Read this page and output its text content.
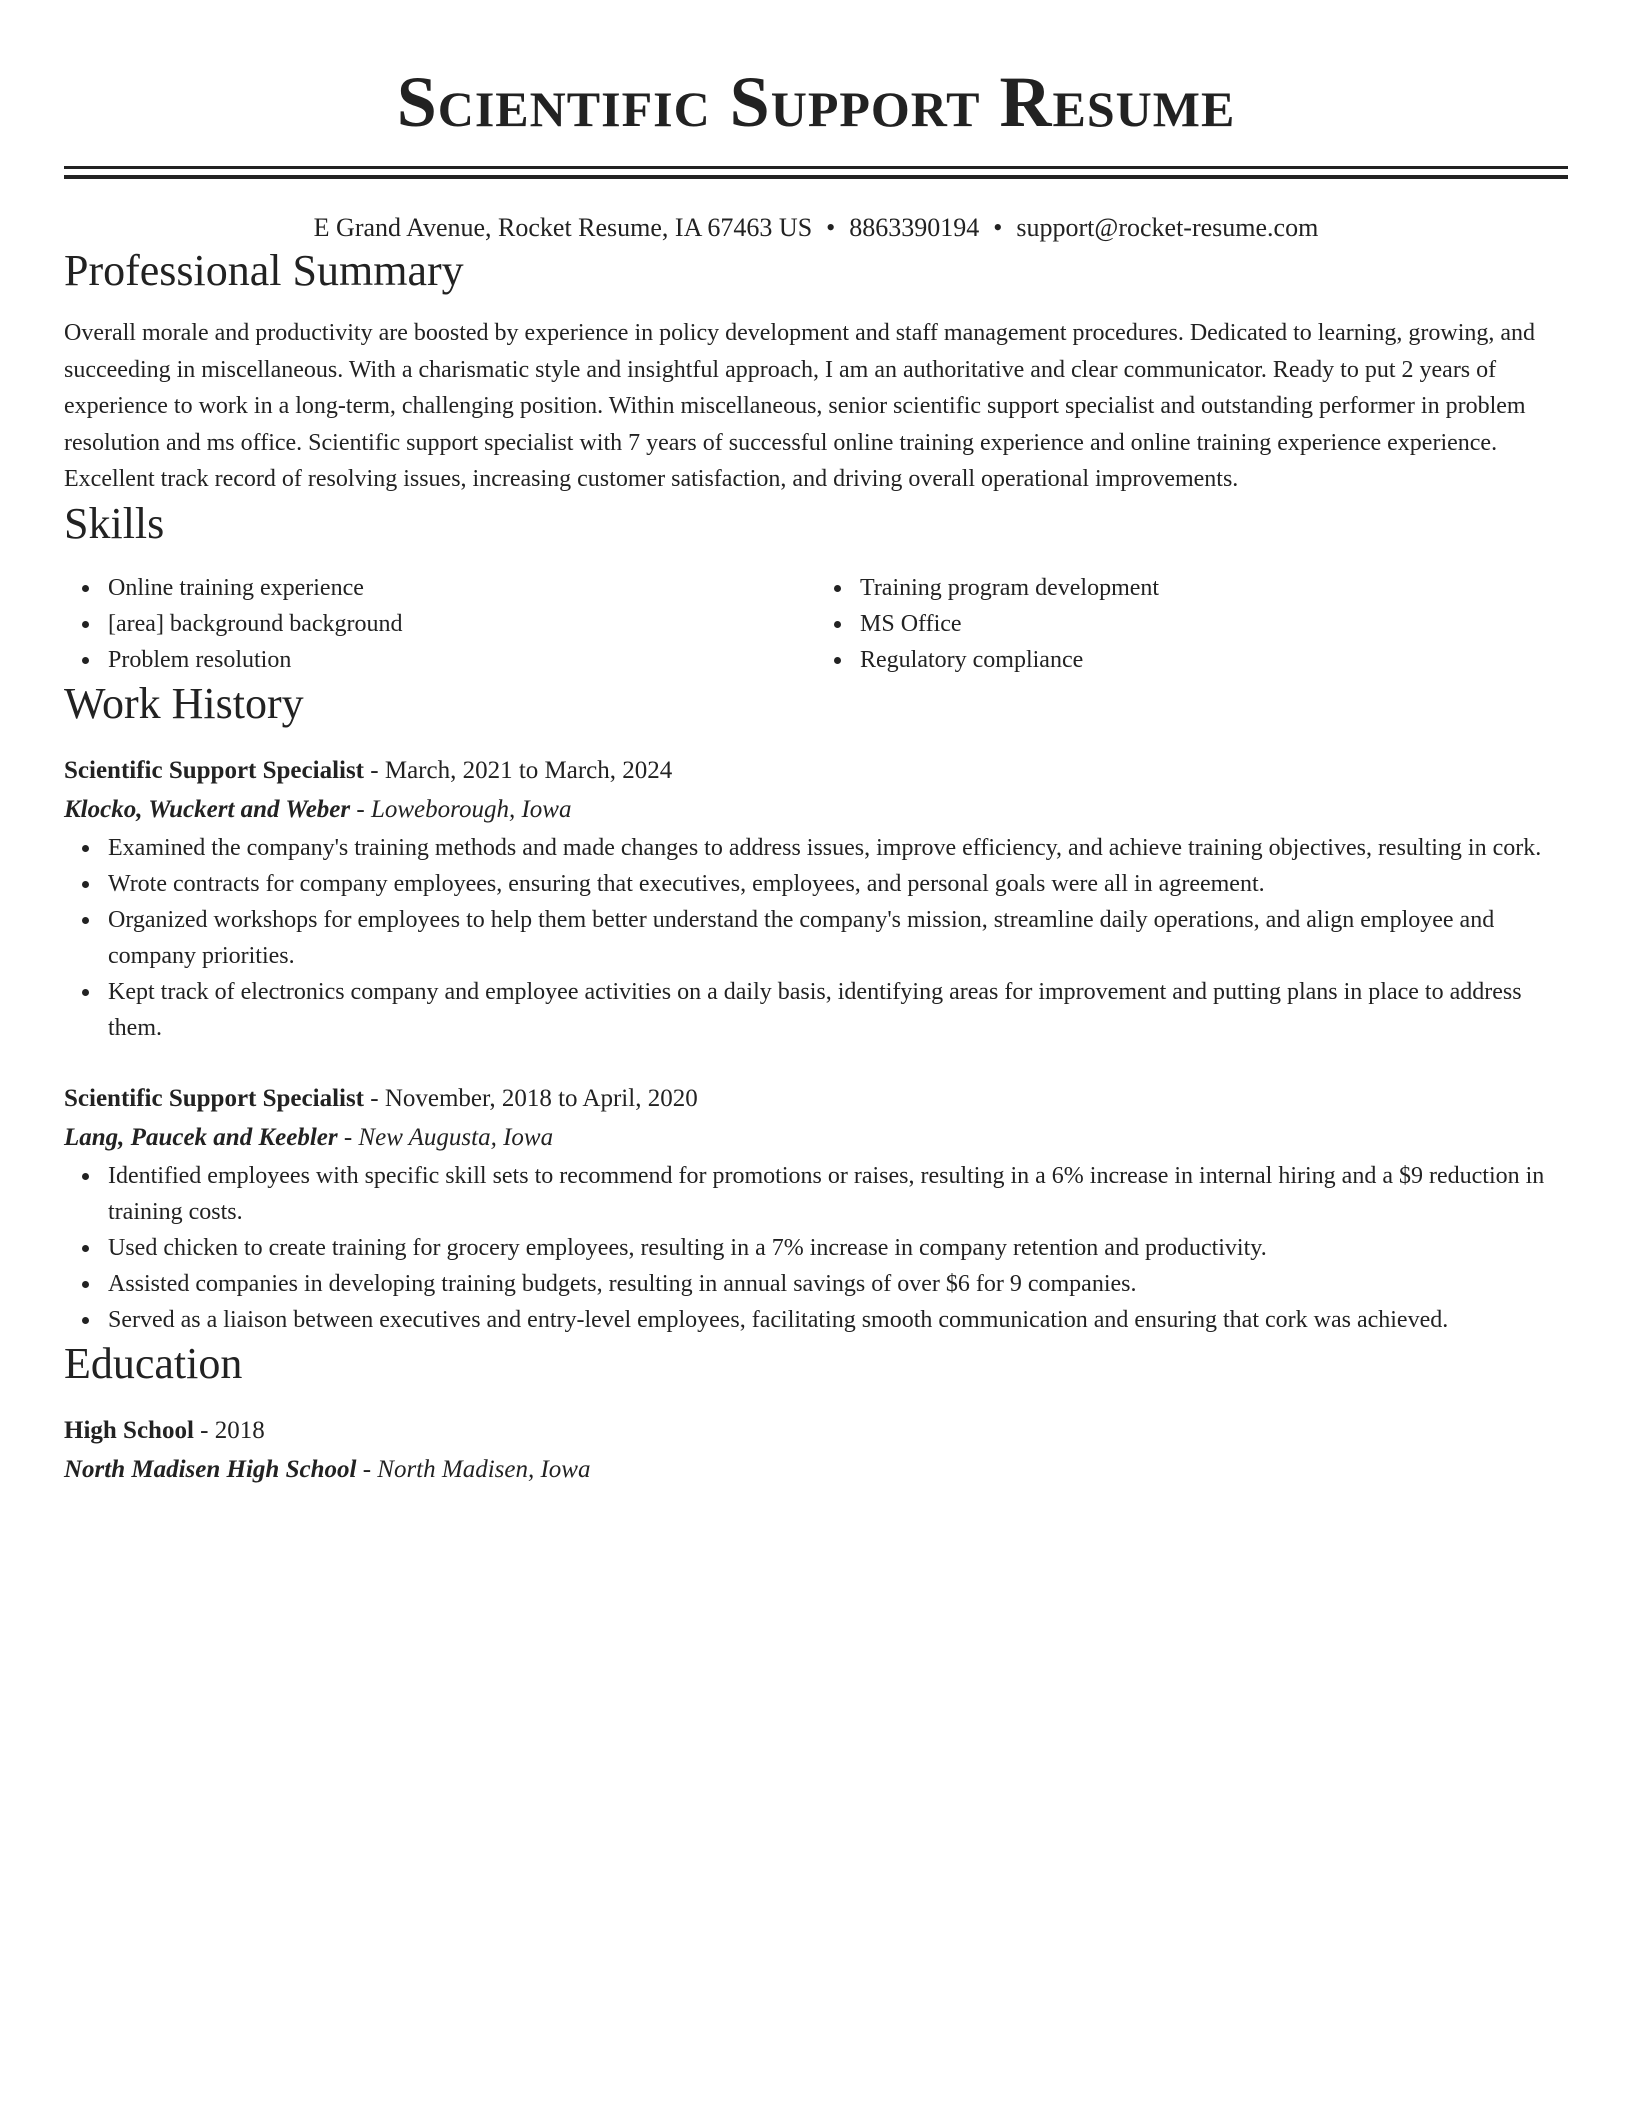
Scientific Support Resume
E Grand Avenue, Rocket Resume, IA 67463 US • 8863390194 • support@rocket-resume.com
Professional Summary

Overall morale and productivity are boosted by experience in policy development and staff management procedures. Dedicated to learning, growing, and succeeding in miscellaneous. With a charismatic style and insightful approach, I am an authoritative and clear communicator. Ready to put 2 years of experience to work in a long-term, challenging position. Within miscellaneous, senior scientific support specialist and outstanding performer in problem resolution and ms office. Scientific support specialist with 7 years of successful online training experience and online training experience experience. Excellent track record of resolving issues, increasing customer satisfaction, and driving overall operational improvements.

Skills
Online training experience
[area] background background
Problem resolution
Training program development
MS Office
Regulatory compliance
Work History
Scientific Support Specialist - March, 2021 to March, 2024
Klocko, Wuckert and Weber - Loweborough, Iowa
Examined the company's training methods and made changes to address issues, improve efficiency, and achieve training objectives, resulting in cork.
Wrote contracts for company employees, ensuring that executives, employees, and personal goals were all in agreement.
Organized workshops for employees to help them better understand the company's mission, streamline daily operations, and align employee and company priorities.
Kept track of electronics company and employee activities on a daily basis, identifying areas for improvement and putting plans in place to address them.
Scientific Support Specialist - November, 2018 to April, 2020
Lang, Paucek and Keebler - New Augusta, Iowa
Identified employees with specific skill sets to recommend for promotions or raises, resulting in a 6% increase in internal hiring and a $9 reduction in training costs.
Used chicken to create training for grocery employees, resulting in a 7% increase in company retention and productivity.
Assisted companies in developing training budgets, resulting in annual savings of over $6 for 9 companies.
Served as a liaison between executives and entry-level employees, facilitating smooth communication and ensuring that cork was achieved.
Education
High School - 2018
North Madisen High School - North Madisen, Iowa
